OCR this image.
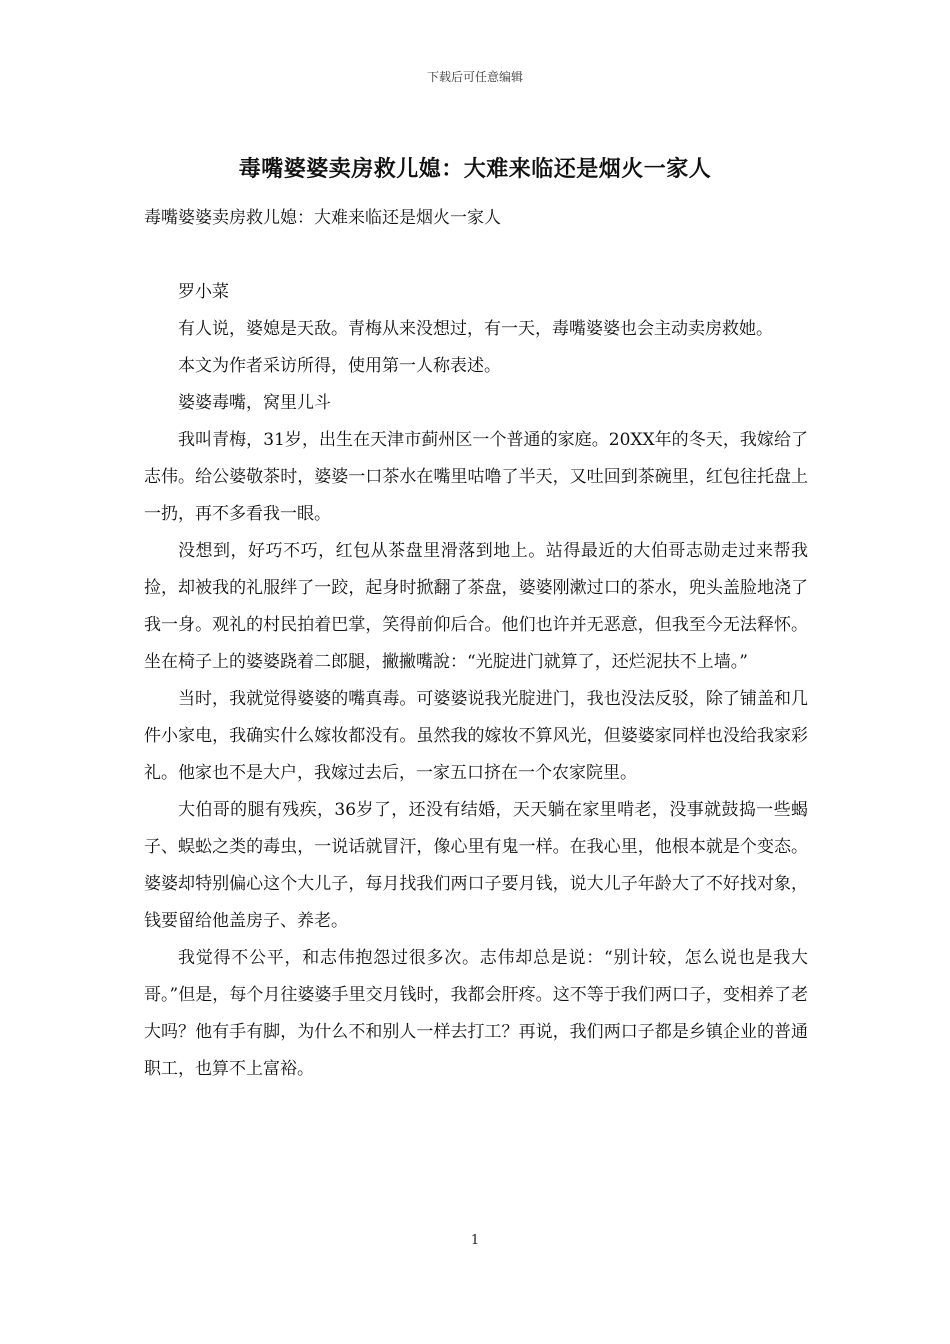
下载后可任意编辑
毒嘴婆婆卖房救儿媳：大难来临还是烟火一家人

毒嘴婆婆卖房救儿媳：大难来临还是烟火一家人

罗小菜

有人说，婆媳是天敌。青梅从来没想过，有一天，毒嘴婆婆也会主动卖房救她。

本文为作者采访所得，使用第一人称表述。

婆婆毒嘴，窝里儿斗

我叫青梅，31岁，出生在天津市蓟州区一个普通的家庭。20XX年的冬天，我嫁给了志伟。给公婆敬茶时，婆婆一口茶水在嘴里咕噜了半天，又吐回到茶碗里，红包往托盘上一扔，再不多看我一眼。

没想到，好巧不巧，红包从茶盘里滑落到地上。站得最近的大伯哥志勋走过来帮我捡，却被我的礼服绊了一跤，起身时掀翻了茶盘，婆婆刚漱过口的茶水，兜头盖脸地浇了我一身。观礼的村民拍着巴掌，笑得前仰后合。他们也许并无恶意，但我至今无法释怀。坐在椅子上的婆婆跷着二郎腿，撇撇嘴說：“光腚进门就算了，还烂泥扶不上墙。”

当时，我就觉得婆婆的嘴真毒。可婆婆说我光腚进门，我也没法反驳，除了铺盖和几件小家电，我确实什么嫁妆都没有。虽然我的嫁妆不算风光，但婆婆家同样也没给我家彩礼。他家也不是大户，我嫁过去后，一家五口挤在一个农家院里。

大伯哥的腿有残疾，36岁了，还没有结婚，天天躺在家里啃老，没事就鼓捣一些蝎子、蜈蚣之类的毒虫，一说话就冒汗，像心里有鬼一样。在我心里，他根本就是个变态。婆婆却特别偏心这个大儿子，每月找我们两口子要月钱，说大儿子年龄大了不好找对象，钱要留给他盖房子、养老。

我觉得不公平，和志伟抱怨过很多次。志伟却总是说：“别计较，怎么说也是我大哥。”但是，每个月往婆婆手里交月钱时，我都会肝疼。这不等于我们两口子，变相养了老大吗？他有手有脚，为什么不和别人一样去打工？再说，我们两口子都是乡镇企业的普通职工，也算不上富裕。

1
